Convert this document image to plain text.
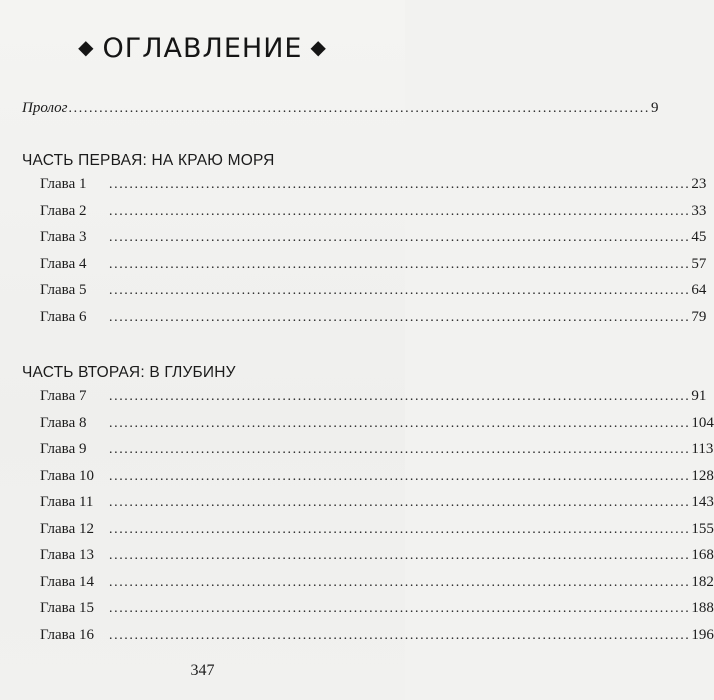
◆ ОГЛАВЛЕНИЕ ◆
Пролог .................................................................................................................. 9
ЧАСТЬ ПЕРВАЯ: НА КРАЮ МОРЯ
Глава 1	.................................................................................................................. 23
Глава 2	.................................................................................................................. 33
Глава 3	.................................................................................................................. 45
Глава 4	.................................................................................................................. 57
Глава 5	.................................................................................................................. 64
Глава 6	.................................................................................................................. 79
ЧАСТЬ ВТОРАЯ: В ГЛУБИНУ
Глава 7	.................................................................................................................. 91
Глава 8	.................................................................................................................. 104
Глава 9	.................................................................................................................. 113
Глава 10	.................................................................................................................. 128
Глава 11	.................................................................................................................. 143
Глава 12	.................................................................................................................. 155
Глава 13	.................................................................................................................. 168
Глава 14	.................................................................................................................. 182
Глава 15	.................................................................................................................. 188
Глава 16	.................................................................................................................. 196
347
